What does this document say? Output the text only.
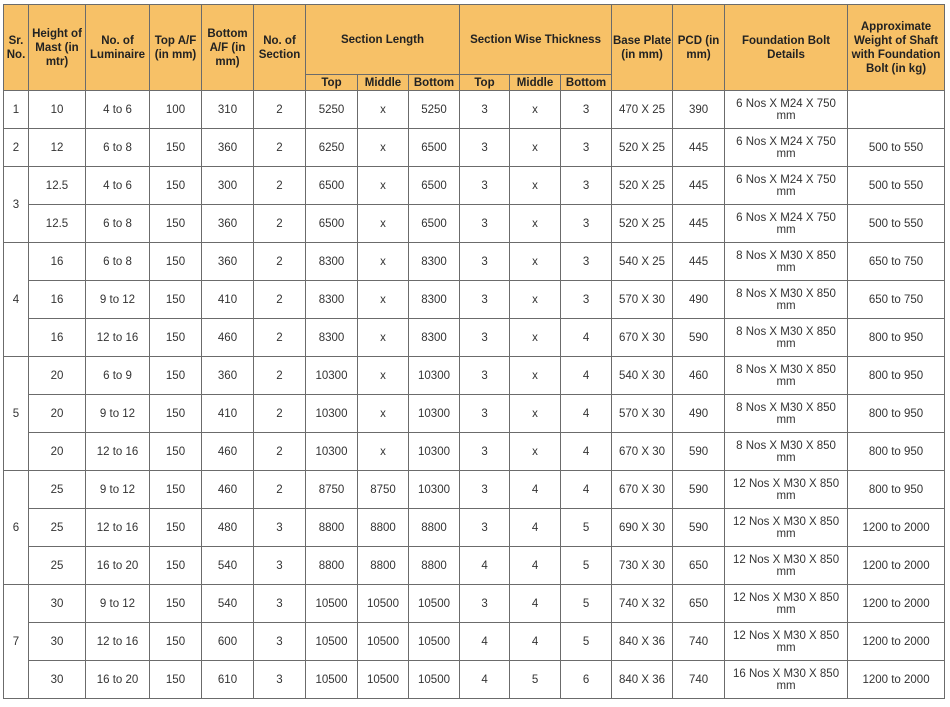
Sr. No.	Height of Mast (in mtr)	No. of Luminaire	Top A/F (in mm)	Bottom A/F (in mm)	No. of Section	Section Length			Section Wise Thickness			Base Plate (in mm)	PCD (in mm)	Foundation Bolt Details	Approximate Weight of Shaft with Foundation Bolt (in kg)
						Top	Middle	Bottom	Top	Middle	Bottom				
1	10	4 to 6	100	310	2	5250	x	5250	3	x	3	470 X 25	390	6 Nos X M24 X 750 mm	
2	12	6 to 8	150	360	2	6250	x	6500	3	x	3	520 X 25	445	6 Nos X M24 X 750 mm	500 to 550
3	12.5	4 to 6	150	300	2	6500	x	6500	3	x	3	520 X 25	445	6 Nos X M24 X 750 mm	500 to 550
	12.5	6 to 8	150	360	2	6500	x	6500	3	x	3	520 X 25	445	6 Nos X M24 X 750 mm	500 to 550
4	16	6 to 8	150	360	2	8300	x	8300	3	x	3	540 X 25	445	8 Nos X M30 X 850 mm	650 to 750
	16	9 to 12	150	410	2	8300	x	8300	3	x	3	570 X 30	490	8 Nos X M30 X 850 mm	650 to 750
	16	12 to 16	150	460	2	8300	x	8300	3	x	4	670 X 30	590	8 Nos X M30 X 850 mm	800 to 950
5	20	6 to 9	150	360	2	10300	x	10300	3	x	4	540 X 30	460	8 Nos X M30 X 850 mm	800 to 950
	20	9 to 12	150	410	2	10300	x	10300	3	x	4	570 X 30	490	8 Nos X M30 X 850 mm	800 to 950
	20	12 to 16	150	460	2	10300	x	10300	3	x	4	670 X 30	590	8 Nos X M30 X 850 mm	800 to 950
6	25	9 to 12	150	460	2	8750	8750	10300	3	4	4	670 X 30	590	12 Nos X M30 X 850 mm	800 to 950
	25	12 to 16	150	480	3	8800	8800	8800	3	4	5	690 X 30	590	12 Nos X M30 X 850 mm	1200 to 2000
	25	16 to 20	150	540	3	8800	8800	8800	4	4	5	730 X 30	650	12 Nos X M30 X 850 mm	1200 to 2000
7	30	9 to 12	150	540	3	10500	10500	10500	3	4	5	740 X 32	650	12 Nos X M30 X 850 mm	1200 to 2000
	30	12 to 16	150	600	3	10500	10500	10500	4	4	5	840 X 36	740	12 Nos X M30 X 850 mm	1200 to 2000
	30	16 to 20	150	610	3	10500	10500	10500	4	5	6	840 X 36	740	16 Nos X M30 X 850 mm	1200 to 2000
